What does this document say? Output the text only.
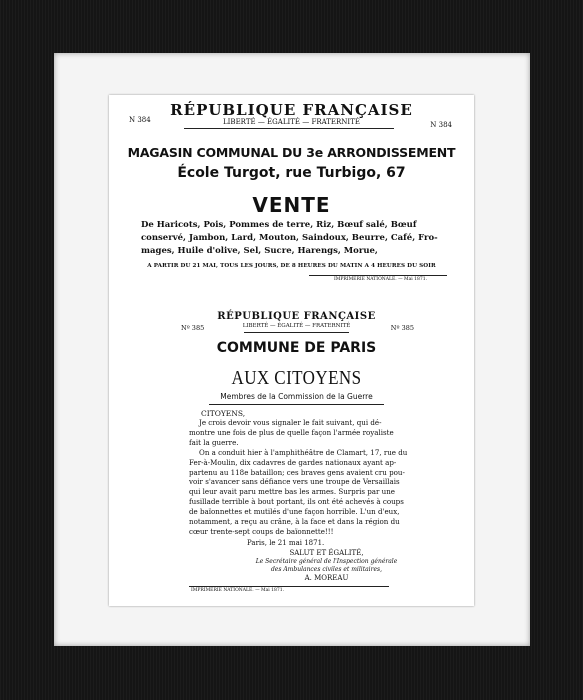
RÉPUBLIQUE FRANÇAISE
N 384
N 384
LIBERTÉ — ÉGALITÉ — FRATERNITÉ
MAGASIN COMMUNAL DU 3e ARRONDISSEMENT
École Turgot, rue Turbigo, 67
VENTE
De Haricots, Pois, Pommes de terre, Riz, Bœuf salé, Bœuf
conservé, Jambon, Lard, Mouton, Saindoux, Beurre, Café, Fro-
mages, Huile d'olive, Sel, Sucre, Harengs, Morue,
A PARTIR DU 21 MAI, TOUS LES JOURS, DE 8 HEURES DU MATIN A 4 HEURES DU SOIR
IMPRIMERIE NATIONALE. — Mai 1871.
RÉPUBLIQUE FRANÇAISE
LIBERTÉ — ÉGALITÉ — FRATERNITÉ
Nº 385	Nº 385
COMMUNE DE PARIS
AUX CITOYENS
Membres de la Commission de la Guerre
CITOYENS,
Je crois devoir vous signaler le fait suivant, qui dé-
montre une fois de plus de quelle façon l'armée royaliste
fait la guerre.
On a conduit hier à l'amphithéâtre de Clamart, 17, rue du
Fer-à-Moulin, dix cadavres de gardes nationaux ayant ap-
partenu au 118e bataillon; ces braves gens avaient cru pou-
voir s'avancer sans défiance vers une troupe de Versaillais
qui leur avait paru mettre bas les armes. Surpris par une
fusillade terrible à bout portant, ils ont été achevés à coups
de baïonnettes et mutilés d'une façon horrible. L'un d'eux,
notamment, a reçu au crâne, à la face et dans la région du
cœur trente-sept coups de baïonnette!!!
Paris, le 21 mai 1871.
SALUT ET ÉGALITÉ,
Le Secrétaire général de l'Inspection générale
des Ambulances civiles et militaires,
A. MOREAU
IMPRIMERIE NATIONALE. — Mai 1871.
